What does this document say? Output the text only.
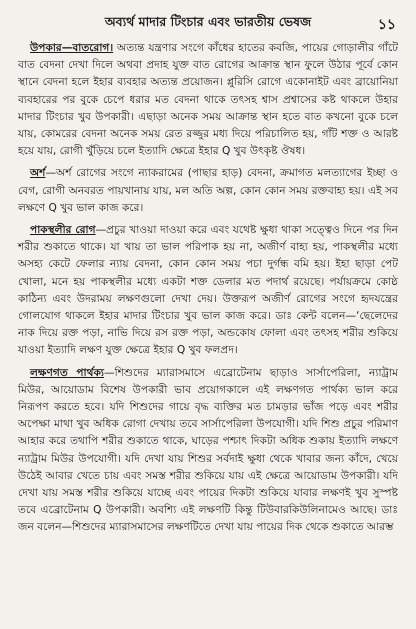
অব্যর্থ মাদার টিংচার এবং ভারতীয় ভেষজ	১১

উপকার—বাতরোগ। অত্যন্ত যন্ত্রণার সংগে কাঁধের হাতের কবজি, পায়ের গোড়ালীর গাঁটে বাত বেদনা দেখা দিলে অথবা প্রদাহ যুক্ত বাত রোগের আক্রান্ত স্থান ফুলে উঠার পূর্বে কোন স্থানে বেদনা হলে ইহার ব্যবহার অত্যন্ত প্রয়োজন। প্লুরিসি রোগে একোনাইট এবং ব্রায়োনিয়া ব্যবহারের পর বুকে চেপে ধরার মত বেদনা থাকে তৎসহ শ্বাস প্রশ্বাসের কষ্ট থাকলে উহার মাদার টিংচার খুব উপকারী। এছাড়া অনেক সময় আক্রান্ত স্থান হতে বাত কখনো বুকে চলে যায়, কোমরের বেদনা অনেক সময় রেত রজ্জুর মধ্য দিয়ে পরিচালিত হয়, গাঁট শক্ত ও আরষ্ট হয়ে যায়, রোগী খুঁড়িয়ে চলে ইত্যাদি ক্ষেত্রে ইহার Q খুব উৎকৃষ্ট ঔষধ।

অর্শ—অর্শ রোগের সংগে ন্যাকরামের (পাছার হাড়) বেদনা, ক্রমাগত মলত্যাগের ইচ্ছা ও বেগ, রোগী অনবরত পায়খানায় যায়, মল অতি অল্প, কোন কোন সময় রক্তবাহ্য হয়। এই সব লক্ষণে Q খুব ভাল কাজ করে।

পাকস্থলীর রোগ—প্রচুর খাওয়া দাওয়া করে এবং যথেষ্ট ক্ষুধা থাকা সত্ত্বেও দিনে পর দিন শরীর শুকাতে থাকে। যা খায় তা ভাল পরিপাক হয় না, অজীর্ণ বাহ্য হয়, পাকস্থলীর মধ্যে অসহ্য কেটে ফেলার ন্যায় বেদনা, কোন কোন সময় পচা দুর্গন্ধ বমি হয়। ইহা ছাড়া পেট খোলা, মনে হয় পাকস্থলীর মধ্যে একটা শক্ত ডেলার মত পদার্থ রয়েছে। পর্যায়ক্রমে কোষ্ঠ কাঠিন্য এবং উদরাময় লক্ষণগুলো দেখা দেয়। উক্তরূপ অজীর্ণ রোগের সংগে হৃদযন্ত্রের গোলযোগ থাকলে ইহার মাদার টিংচার খুব ভাল কাজ করে। ডাঃ কেন্ট বলেন—‘ছেলেদের নাক দিয়ে রক্ত পড়া, নাভি দিয়ে রস রক্ত পড়া, অন্ডকোষ ফোলা এবং তৎসহ শরীর শুকিয়ে যাওয়া ইত্যাদি লক্ষণ যুক্ত ক্ষেত্রে ইহার Q খুব ফলপ্রদ।

লক্ষণগত পার্থক্য—শিশুদের ম্যারাসমাসে এব্রোটেনাম ছাড়াও সার্সাপেরিলা, ন্যাট্রাম মিউর, আয়োডাম বিশেষ উপকারী ভাব প্রয়োগকালে এই লক্ষণগত পার্থক্য ভাল করে নিরূপণ করতে হবে। যদি শিশুদের গায়ে বৃদ্ধ ব্যক্তির মত চামড়ার ভাঁজ পড়ে এবং শরীর অপেক্ষা মাথা খুব অধিক রোগা দেখায় তবে সার্সাপেরিলা উপযোগী। যদি শিশু প্রচুর পরিমাণ আহার করে তথাপি শরীর শুকাতে থাকে, ঘাড়ের পশ্চাৎ দিকটা অধিক শুকায় ইত্যাদি লক্ষণে ন্যাট্রাম মিউর উপযোগী। যদি দেখা যায় শিশুর সর্বদাই ক্ষুধা থেকে খাবার জন্য কাঁদে, খেয়ে উঠেই আবার খেতে চায় এবং সমস্ত শরীর শুকিয়ে যায় এই ক্ষেত্রে আয়োডাম উপকারী। যদি দেখা যায় সমস্ত শরীর শুকিয়ে যাচ্ছে এবং পায়ের দিকটা শুকিয়ে যাবার লক্ষণই খুব সুস্পষ্ট তবে এব্রোটেনাম Q উপকারী। অবশ্যি এই লক্ষণটি কিন্তু টিউবারকিউলিনামেও আছে। ডাঃ জন বলেন—শিশুদের ম্যারাসমাসের লক্ষণটিতে দেখা যায় পায়ের দিক থেকে শুকাতে আরম্ভ
